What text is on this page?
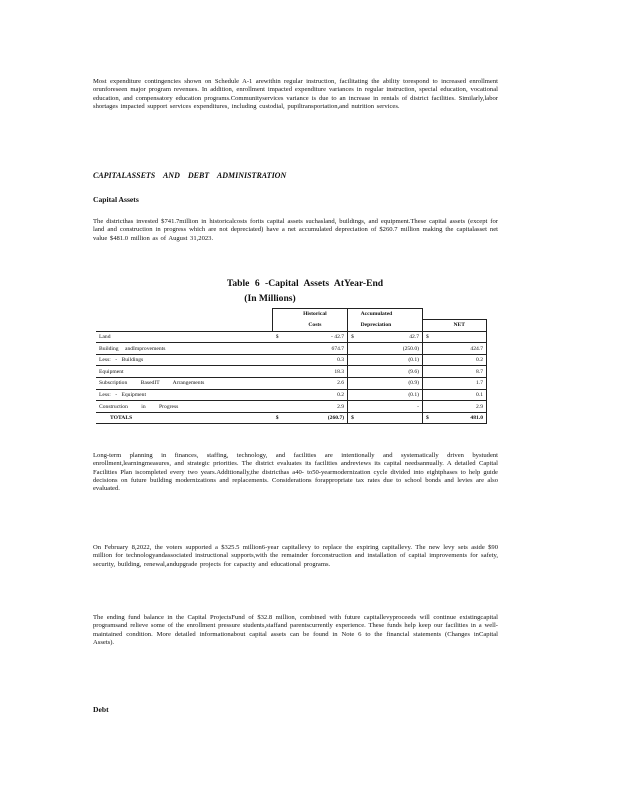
Most expenditure contingencies shown on Schedule A-1 arewithin regular instruction, facilitating the ability torespond to increased enrollment orunforeseen major program revenues. In addition, enrollment impacted expenditure variances in regular instruction, special education, vocational education, and compensatory education programs.Communityservices variance is due to an increase in rentals of district facilities. Similarly,labor shortages impacted support services expenditures, including custodial, pupiltransportation,and nutrition services.

CAPITALASSETS AND DEBT ADMINISTRATION

Capital Assets

The districthas invested $741.7million in historicalcosts forits capital assets suchasland, buildings, and equipment.These capital assets (except for land and construction in progress which are not depreciated) have a net accumulated depreciation of $260.7 million making the capitalasset net value $481.0 million as of August 31,2023.

Table 6 -Capital Assets AtYear-End

(In Millions)

		Historical		Accumulated		
		Costs		Depreciation		NET
Land	$	- 42.7	$	42.7	$	
Building andImprovements		674.7		(250.0)		424.7
Less: - Buildings		0.3		(0.1)		0.2
Equipment		18.3		(9.6)		8.7
Subscription BasedIT Arrangements		2.6		(0.9)		1.7
Less: - Equipment		0.2		(0.1)		0.1
Construction in Progress		2.9		-		2.9
TOTALS	$	(260.7)	$		$	481.0

Long-term planning in finances, staffing, technology, and facilities are intentionally and systematically driven bystudent enrollment,learningmeasures, and strategic priorities. The district evaluates its facilities andreviews its capital needsannually. A detailed Capital Facilities Plan iscompleted every two years.Additionally,the districthas a40- to50-yearmodernization cycle divided into eightphases to help guide decisions on future building modernizations and replacements. Considerations forappropriate tax rates due to school bonds and levies are also evaluated.

On February 8,2022, the voters supported a $325.5 million6-year capitallevy to replace the expiring capitallevy. The new levy sets aside $90 million for technologyandassociated instructional supports,with the remainder forconstruction and installation of capital improvements for safety, security, building, renewal,andupgrade projects for capacity and educational programs.

The ending fund balance in the Capital ProjectsFund of $32.8 million, combined with future capitallevyproceeds will continue existingcapital programsand relieve some of the enrollment pressure students,staffand parentscurrently experience. These funds help keep our facilities in a well-maintained condition. More detailed informationabout capital assets can be found in Note 6 to the financial statements (Changes inCapital Assets).

Debt
